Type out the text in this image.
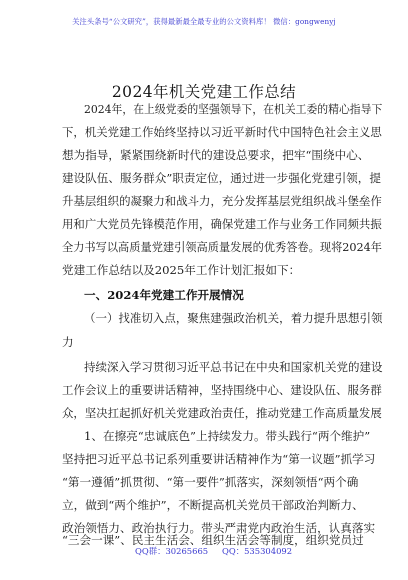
关注头条号“公文研究”，获得最新最全最专业的公文资料库！ 微信：gongwenyj
2024年机关党建工作总结
2024年，在上级党委的坚强领导下，在机关工委的精心指导下
下，机关党建工作始终坚持以习近平新时代中国特色社会主义思
想为指导，紧紧围绕新时代的建设总要求，把牢“围绕中心、
建设队伍、服务群众”职责定位，通过进一步强化党建引领，提
升基层组织的凝聚力和战斗力，充分发挥基层党组织战斗堡垒作
用和广大党员先锋模范作用，确保党建工作与业务工作同频共振
全力书写以高质量党建引领高质量发展的优秀答卷。现将2024年
党建工作总结以及2025年工作计划汇报如下：
一、2024年党建工作开展情况
（一）找准切入点，聚焦建强政治机关，着力提升思想引领
力
持续深入学习贯彻习近平总书记在中央和国家机关党的建设
工作会议上的重要讲话精神，坚持围绕中心、建设队伍、服务群
众，坚决扛起抓好机关党建政治责任，推动党建工作高质量发展
1、在擦亮“忠诚底色”上持续发力。带头践行“两个维护”
坚持把习近平总书记系列重要讲话精神作为“第一议题”抓学习
“第一遵循”抓贯彻、“第一要件”抓落实，深刻领悟“两个确
立，做到“两个维护”，不断提高机关党员干部政治判断力、
政治领悟力、政治执行力。带头严肃党内政治生活，认真落实
“三会一课”、民主生活会、组织生活会等制度，组织党员过
QQ群：30265665 QQ：535304092
